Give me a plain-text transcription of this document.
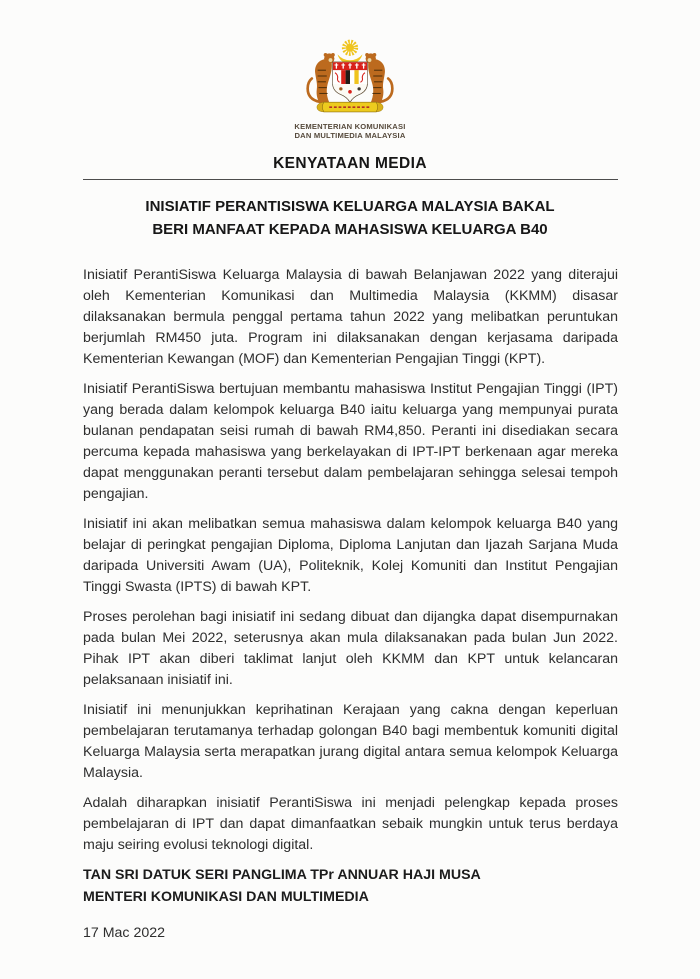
KEMENTERIAN KOMUNIKASI
DAN MULTIMEDIA MALAYSIA
KENYATAAN MEDIA
INISIATIF PERANTISISWA KELUARGA MALAYSIA BAKAL
BERI MANFAAT KEPADA MAHASISWA KELUARGA B40

Inisiatif PerantiSiswa Keluarga Malaysia di bawah Belanjawan 2022 yang diterajui oleh Kementerian Komunikasi dan Multimedia Malaysia (KKMM) disasar dilaksanakan bermula penggal pertama tahun 2022 yang melibatkan peruntukan berjumlah RM450 juta. Program ini dilaksanakan dengan kerjasama daripada Kementerian Kewangan (MOF) dan Kementerian Pengajian Tinggi (KPT).

Inisiatif PerantiSiswa bertujuan membantu mahasiswa Institut Pengajian Tinggi (IPT) yang berada dalam kelompok keluarga B40 iaitu keluarga yang mempunyai purata bulanan pendapatan seisi rumah di bawah RM4,850. Peranti ini disediakan secara percuma kepada mahasiswa yang berkelayakan di IPT-IPT berkenaan agar mereka dapat menggunakan peranti tersebut dalam pembelajaran sehingga selesai tempoh pengajian.

Inisiatif ini akan melibatkan semua mahasiswa dalam kelompok keluarga B40 yang belajar di peringkat pengajian Diploma, Diploma Lanjutan dan Ijazah Sarjana Muda daripada Universiti Awam (UA), Politeknik, Kolej Komuniti dan Institut Pengajian Tinggi Swasta (IPTS) di bawah KPT.

Proses perolehan bagi inisiatif ini sedang dibuat dan dijangka dapat disempurnakan pada bulan Mei 2022, seterusnya akan mula dilaksanakan pada bulan Jun 2022. Pihak IPT akan diberi taklimat lanjut oleh KKMM dan KPT untuk kelancaran pelaksanaan inisiatif ini.

Inisiatif ini menunjukkan keprihatinan Kerajaan yang cakna dengan keperluan pembelajaran terutamanya terhadap golongan B40 bagi membentuk komuniti digital Keluarga Malaysia serta merapatkan jurang digital antara semua kelompok Keluarga Malaysia.

Adalah diharapkan inisiatif PerantiSiswa ini menjadi pelengkap kepada proses pembelajaran di IPT dan dapat dimanfaatkan sebaik mungkin untuk terus berdaya maju seiring evolusi teknologi digital.

TAN SRI DATUK SERI PANGLIMA TPr ANNUAR HAJI MUSA
MENTERI KOMUNIKASI DAN MULTIMEDIA
17 Mac 2022
